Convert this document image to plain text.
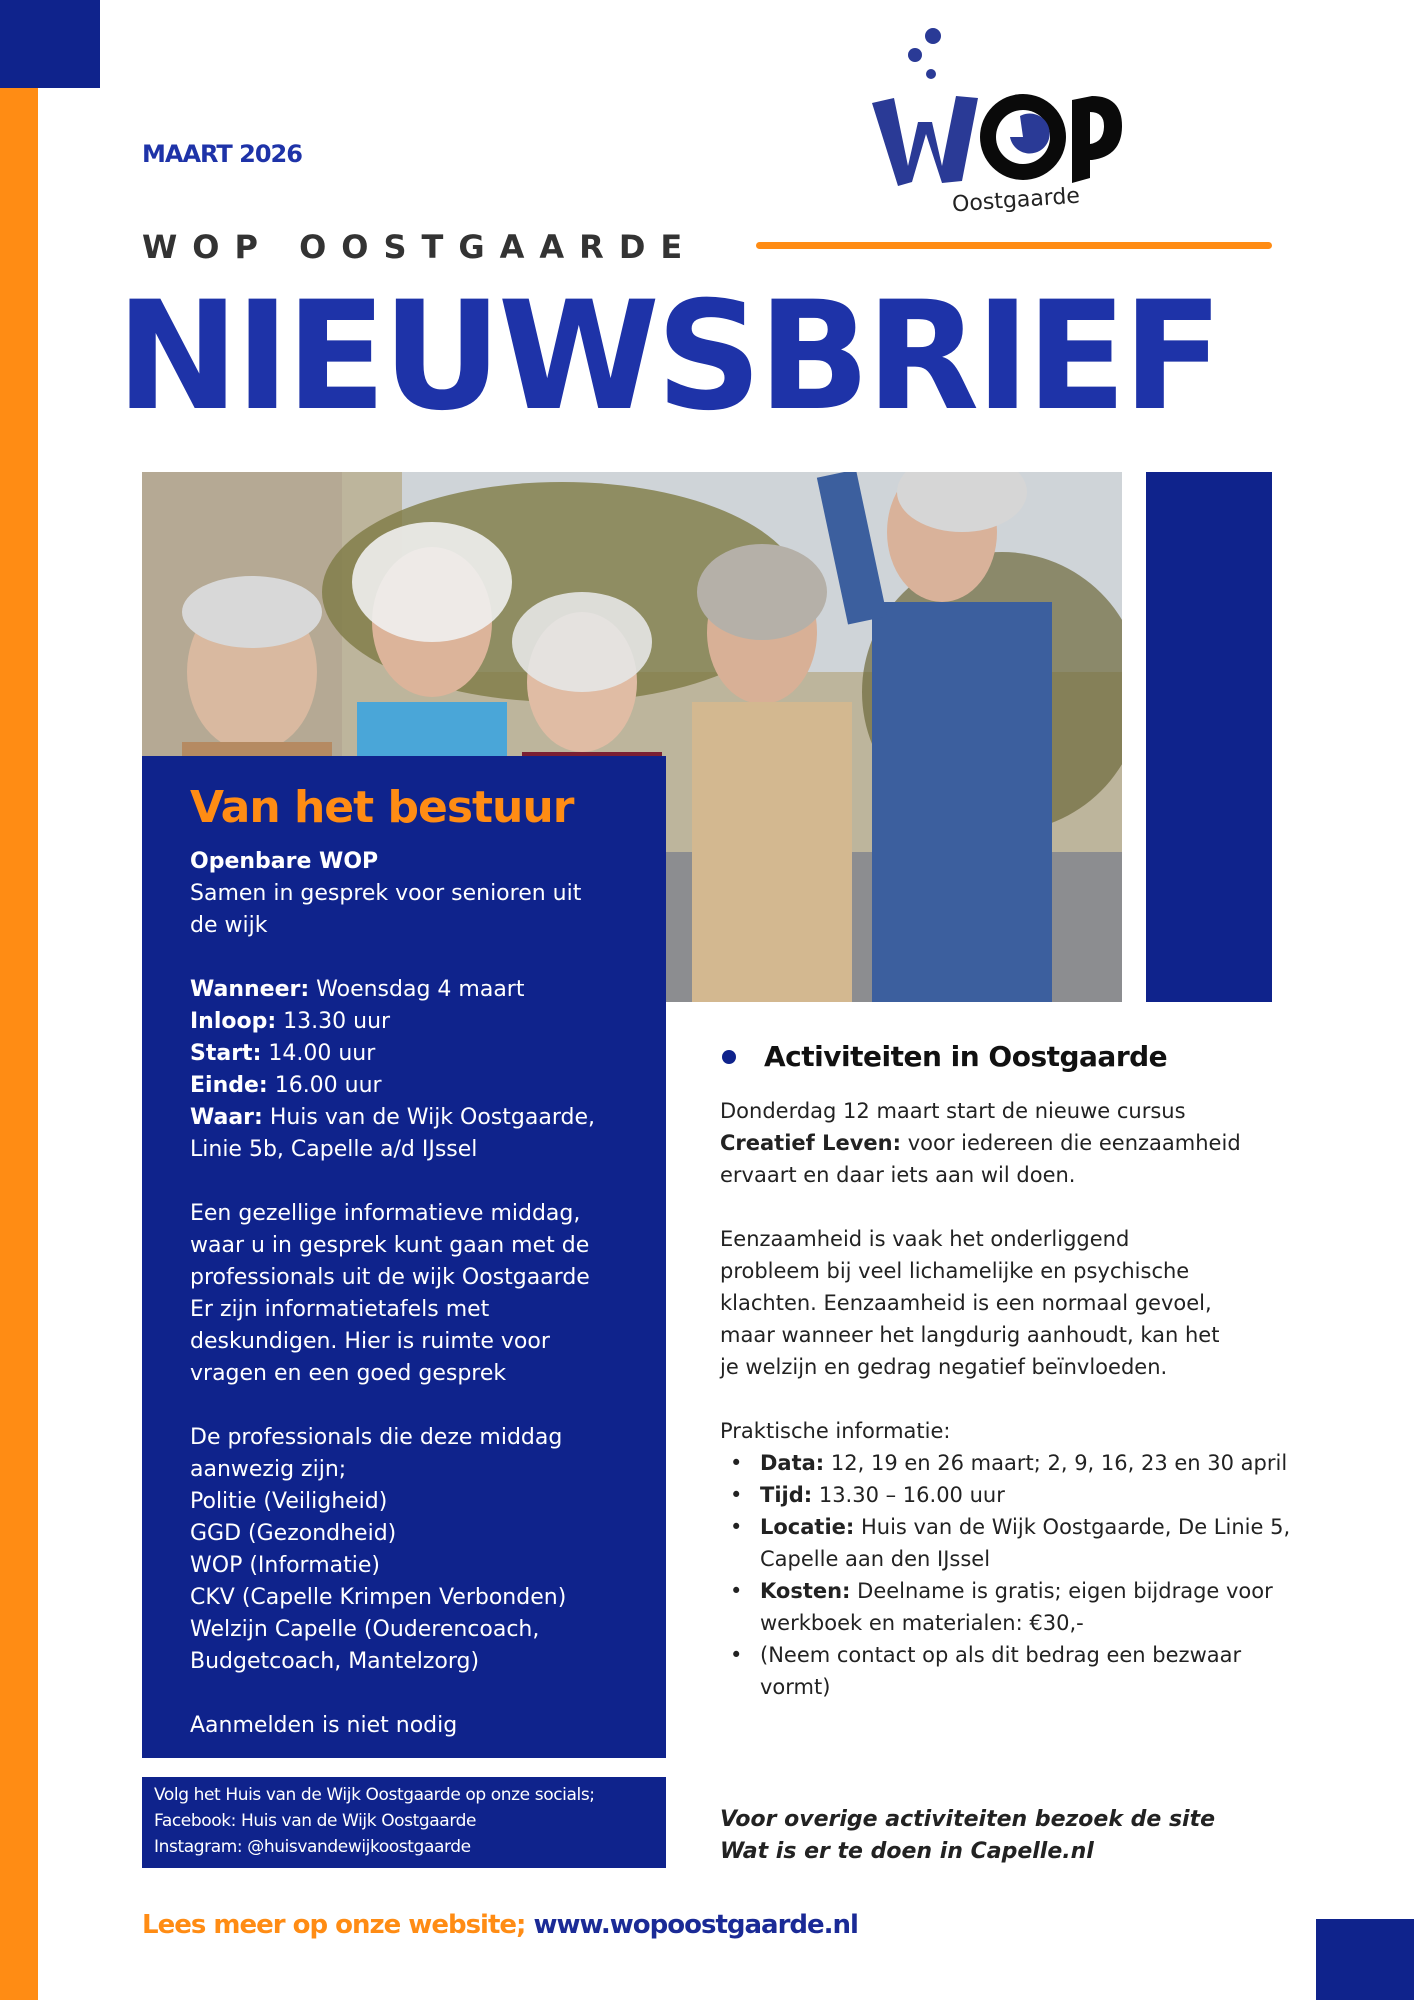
MAART 2026
WOP OOSTGAARDE
Oostgaarde
NIEUWSBRIEF
Van het bestuur
Openbare WOP
Samen in gesprek voor senioren uit
de wijk
Wanneer: Woensdag 4 maart
Inloop: 13.30 uur
Start: 14.00 uur
Einde: 16.00 uur
Waar: Huis van de Wijk Oostgaarde,
Linie 5b, Capelle a/d IJssel
Een gezellige informatieve middag,
waar u in gesprek kunt gaan met de
professionals uit de wijk Oostgaarde
Er zijn informatietafels met
deskundigen. Hier is ruimte voor
vragen en een goed gesprek
De professionals die deze middag
aanwezig zijn;
Politie (Veiligheid)
GGD (Gezondheid)
WOP (Informatie)
CKV (Capelle Krimpen Verbonden)
Welzijn Capelle (Ouderencoach,
Budgetcoach, Mantelzorg)
Aanmelden is niet nodig
Volg het Huis van de Wijk Oostgaarde op onze socials;
Facebook: Huis van de Wijk Oostgaarde
Instagram: @huisvandewijkoostgaarde
Activiteiten in Oostgaarde
Donderdag 12 maart start de nieuwe cursus
Creatief Leven: voor iedereen die eenzaamheid
ervaart en daar iets aan wil doen.
Eenzaamheid is vaak het onderliggend
probleem bij veel lichamelijke en psychische
klachten. Eenzaamheid is een normaal gevoel,
maar wanneer het langdurig aanhoudt, kan het
je welzijn en gedrag negatief beïnvloeden.
Praktische informatie:
• Data: 12, 19 en 26 maart; 2, 9, 16, 23 en 30 april
• Tijd: 13.30 – 16.00 uur
• Locatie: Huis van de Wijk Oostgaarde, De Linie 5, Capelle aan den IJssel
• Kosten: Deelname is gratis; eigen bijdrage voor werkboek en materialen: €30,-
• (Neem contact op als dit bedrag een bezwaar vormt)
Voor overige activiteiten bezoek de site
Wat is er te doen in Capelle.nl
Lees meer op onze website; www.wopoostgaarde.nl
